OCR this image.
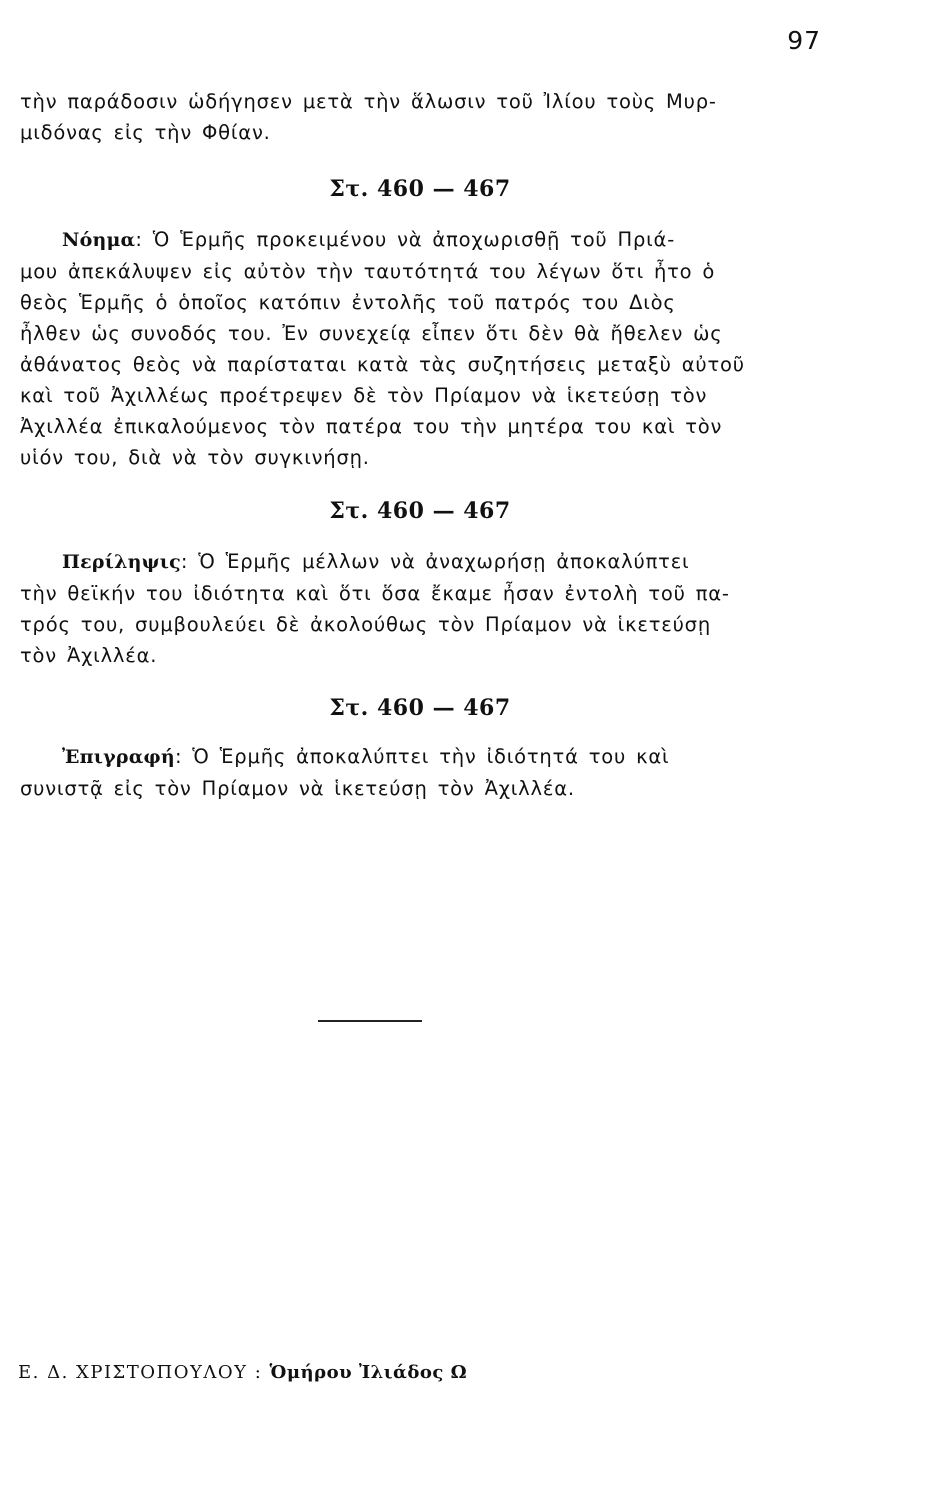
97

τὴν παράδοσιν ὡδήγησεν μετὰ τὴν ἅλωσιν τοῦ Ἰλίου τοὺς Μυρ-
μιδόνας εἰς τὴν Φθίαν.

Στ. 460 — 467

Νόημα: Ὁ Ἑρμῆς προκειμένου νὰ ἀποχωρισθῇ τοῦ Πριά-
μου ἀπεκάλυψεν εἰς αὐτὸν τὴν ταυτότητά του λέγων ὅτι ἦτο ὁ
θεὸς Ἑρμῆς ὁ ὁποῖος κατόπιν ἐντολῆς τοῦ πατρός του Διὸς
ἦλθεν ὡς συνοδός του. Ἐν συνεχείᾳ εἶπεν ὅτι δὲν θὰ ἤθελεν ὡς
ἀθάνατος θεὸς νὰ παρίσταται κατὰ τὰς συζητήσεις μεταξὺ αὐτοῦ
καὶ τοῦ Ἀχιλλέως προέτρεψεν δὲ τὸν Πρίαμον νὰ ἱκετεύσῃ τὸν
Ἀχιλλέα ἐπικαλούμενος τὸν πατέρα του τὴν μητέρα του καὶ τὸν
υἱόν του, διὰ νὰ τὸν συγκινήσῃ.

Στ. 460 — 467

Περίληψις: Ὁ Ἑρμῆς μέλλων νὰ ἀναχωρήσῃ ἀποκαλύπτει
τὴν θεϊκήν του ἰδιότητα καὶ ὅτι ὅσα ἔκαμε ἦσαν ἐντολὴ τοῦ πα-
τρός του, συμβουλεύει δὲ ἀκολούθως τὸν Πρίαμον νὰ ἱκετεύσῃ
τὸν Ἀχιλλέα.

Στ. 460 — 467

Ἐπιγραφή: Ὁ Ἑρμῆς ἀποκαλύπτει τὴν ἰδιότητά του καὶ
συνιστᾷ εἰς τὸν Πρίαμον νὰ ἱκετεύσῃ τὸν Ἀχιλλέα.

Ε. Δ. ΧΡΙΣΤΟΠΟΥΛΟΥ : Ὁμήρου Ἰλιάδος Ω
